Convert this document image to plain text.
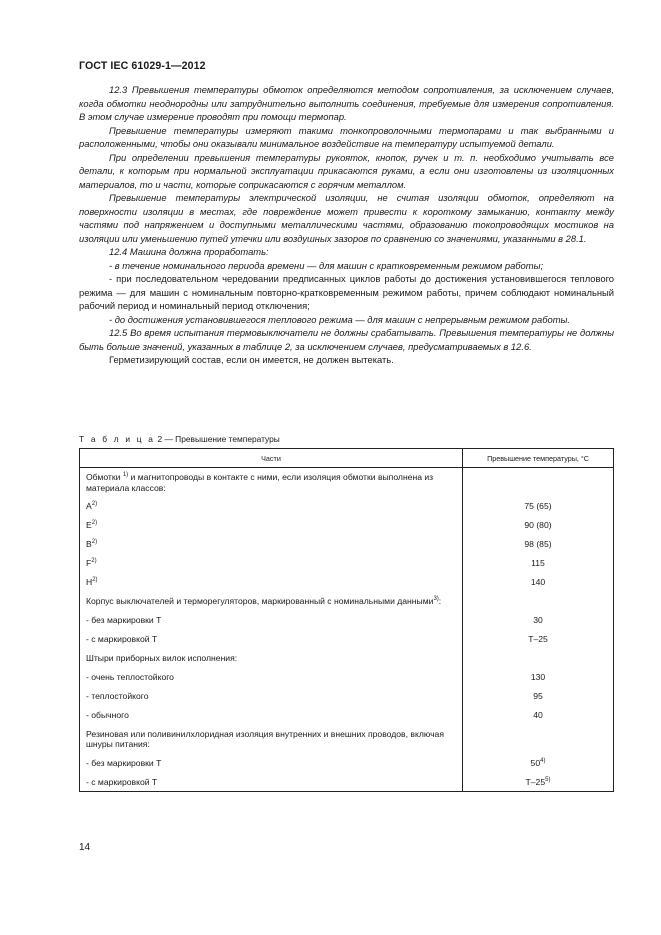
ГОСТ IEC 61029-1—2012

12.3 Превышения температуры обмоток определяются методом сопротивления, за исключением случаев, когда обмотки неоднородны или затруднительно выполнить соединения, требуемые для измерения сопротивления. В этом случае измерение проводят при помощи термопар.

Превышение температуры измеряют такими тонкопроволочными термопарами и так выбранными и расположенными, чтобы они оказывали минимальное воздействие на температуру испытуемой детали.

При определении превышения температуры рукояток, кнопок, ручек и т. п. необходимо учитывать все детали, к которым при нормальной эксплуатации прикасаются руками, а если они изготовлены из изоляционных материалов, то и части, которые соприкасаются с горячим металлом.

Превышение температуры электрической изоляции, не считая изоляции обмоток, определяют на поверхности изоляции в местах, где повреждение может привести к короткому замыканию, контакту между частями под напряжением и доступными металлическими частями, образованию токопроводящих мостиков на изоляции или уменьшению путей утечки или воздушных зазоров по сравнению со значениями, указанными в 28.1.

12.4 Машина должна проработать:

- в течение номинального периода времени — для машин с кратковременным режимом работы;

- при последовательном чередовании предписанных циклов работы до достижения установившегося теплового режима — для машин с номинальным повторно-кратковременным режимом работы, причем соблюдают номинальный рабочий период и номинальный период отключения;

- до достижения установившегося теплового режима — для машин с непрерывным режимом работы.

12.5 Во время испытания термовыключатели не должны срабатывать. Превышения температуры не должны быть больше значений, указанных в таблице 2, за исключением случаев, предусматриваемых в 12.6.

Герметизирующий состав, если он имеется, не должен вытекать.

Т а б л и ц а 2 — Превышение температуры
Части	Превышение температуры, °С
Обмотки $^{1)}$ и магнитопроводы в контакте с ними, если изоляция обмотки выполнена из материала классов:	
$A^{2)}$	75 (65)
$E^{2)}$	90 (80)
$B^{2)}$	98 (85)
$F^{2)}$	115
$H^{2)}$	140
Корпус выключателей и терморегуляторов, маркированный с номинальными данными$^{3)}$:	
- без маркировки Т	30
- с маркировкой Т	Т–25
Штыри приборных вилок исполнения:	
- очень теплостойкого	130
- теплостойкого	95
- обычного	40
Резиновая или поливинилхлоридная изоляция внутренних и внешних проводов, включая шнуры питания:	
- без маркировки Т	50$^{4)}$
- с маркировкой Т	Т–25$^{5)}$
14
